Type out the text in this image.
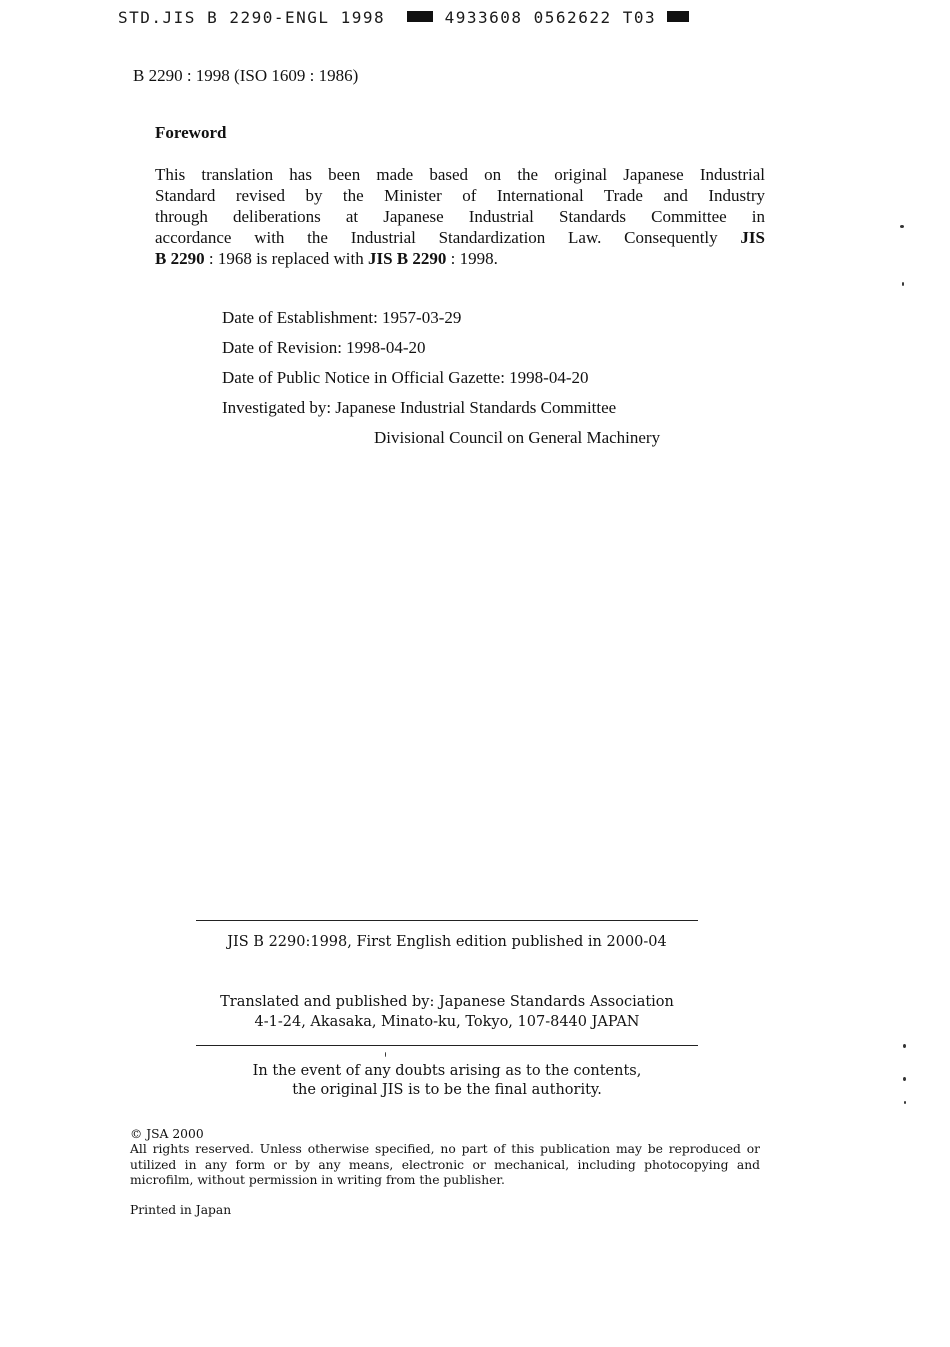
STD.JIS B 2290-ENGL 1998	4933608 0562622 T03
B 2290 : 1998 (ISO 1609 : 1986)
Foreword
This translation has been made based on the original Japanese Industrial
Standard revised by the Minister of International Trade and Industry
through deliberations at Japanese Industrial Standards Committee in
accordance with the Industrial Standardization Law. Consequently JIS
B 2290 : 1968 is replaced with JIS B 2290 : 1998.
Date of Establishment: 1957-03-29
Date of Revision: 1998-04-20
Date of Public Notice in Official Gazette: 1998-04-20
Investigated by: Japanese Industrial Standards Committee
Divisional Council on General Machinery
JIS B 2290:1998, First English edition published in 2000-04
Translated and published by: Japanese Standards Association
4-1-24, Akasaka, Minato-ku, Tokyo, 107-8440 JAPAN
In the event of any doubts arising as to the contents,
the original JIS is to be the final authority.
© JSA 2000
All rights reserved. Unless otherwise specified, no part of this publication may be reproduced or
utilized in any form or by any means, electronic or mechanical, including photocopying and
microfilm, without permission in writing from the publisher.
Printed in Japan
